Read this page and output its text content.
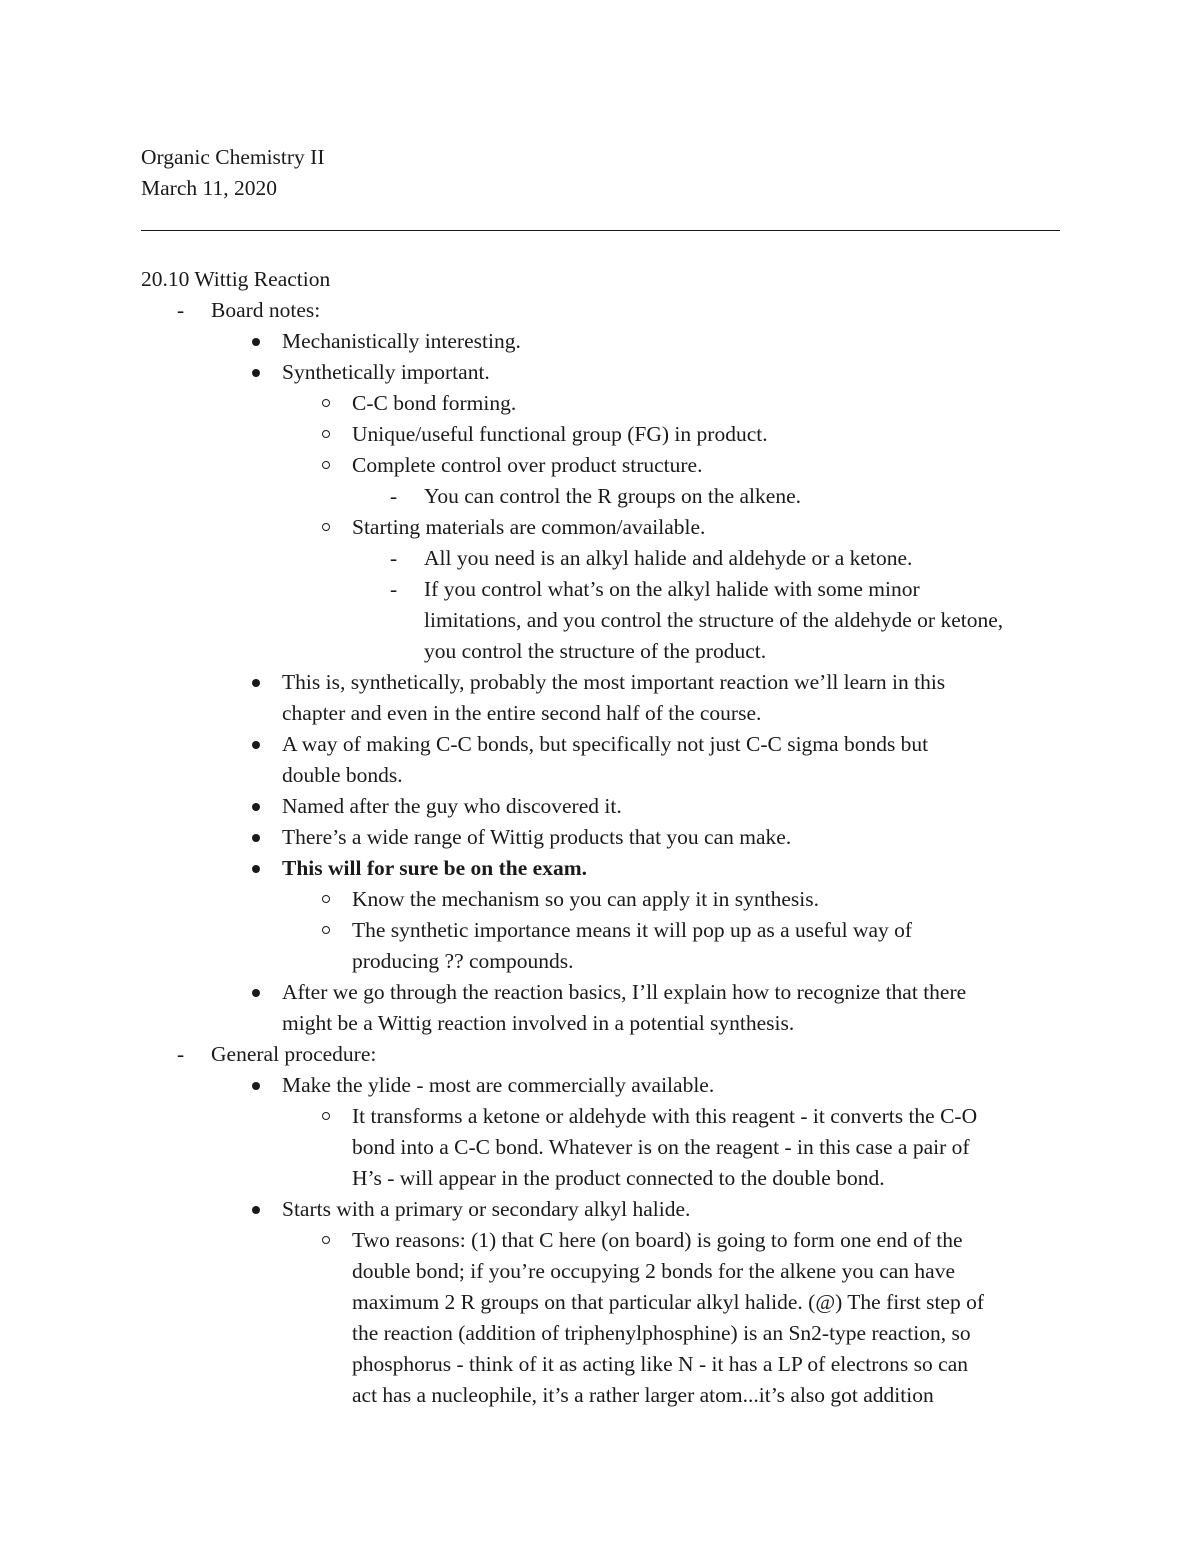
Organic Chemistry II
March 11, 2020
20.10 Wittig Reaction
- Board notes:
Mechanistically interesting.
Synthetically important.
C-C bond forming.
Unique/useful functional group (FG) in product.
Complete control over product structure.
- You can control the R groups on the alkene.
Starting materials are common/available.
- All you need is an alkyl halide and aldehyde or a ketone.
- If you control what’s on the alkyl halide with some minor
limitations, and you control the structure of the aldehyde or ketone,
you control the structure of the product.
This is, synthetically, probably the most important reaction we’ll learn in this
chapter and even in the entire second half of the course.
A way of making C-C bonds, but specifically not just C-C sigma bonds but
double bonds.
Named after the guy who discovered it.
There’s a wide range of Wittig products that you can make.
This will for sure be on the exam.
Know the mechanism so you can apply it in synthesis.
The synthetic importance means it will pop up as a useful way of
producing ?? compounds.
After we go through the reaction basics, I’ll explain how to recognize that there
might be a Wittig reaction involved in a potential synthesis.
- General procedure:
Make the ylide - most are commercially available.
It transforms a ketone or aldehyde with this reagent - it converts the C-O
bond into a C-C bond. Whatever is on the reagent - in this case a pair of
H’s - will appear in the product connected to the double bond.
Starts with a primary or secondary alkyl halide.
Two reasons: (1) that C here (on board) is going to form one end of the
double bond; if you’re occupying 2 bonds for the alkene you can have
maximum 2 R groups on that particular alkyl halide. (@) The first step of
the reaction (addition of triphenylphosphine) is an Sn2-type reaction, so
phosphorus - think of it as acting like N - it has a LP of electrons so can
act has a nucleophile, it’s a rather larger atom...it’s also got addition
